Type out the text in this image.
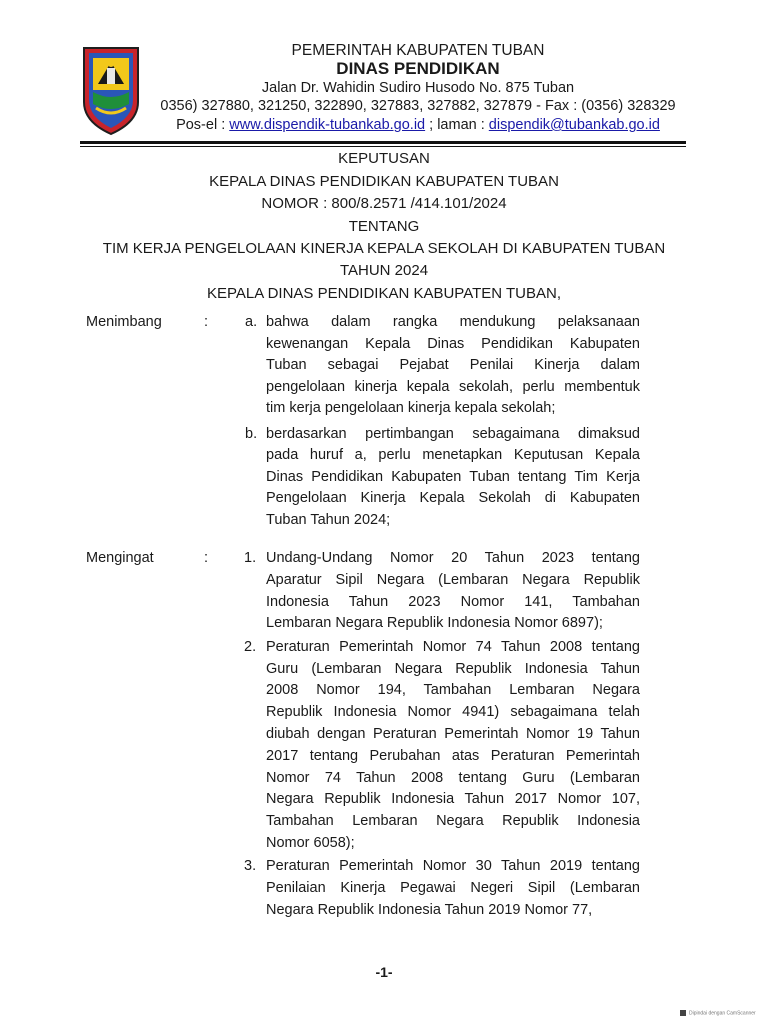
PEMERINTAH KABUPATEN TUBAN
DINAS PENDIDIKAN
Jalan Dr. Wahidin Sudiro Husodo No. 875 Tuban
0356) 327880, 321250, 322890, 327883, 327882, 327879 - Fax : (0356) 328329
Pos-el : www.dispendik-tubankab.go.id ; laman : dispendik@tubankab.go.id
KEPUTUSAN
KEPALA DINAS PENDIDIKAN KABUPATEN TUBAN
NOMOR : 800/8.2571 /414.101/2024
TENTANG
TIM KERJA PENGELOLAAN KINERJA KEPALA SEKOLAH DI KABUPATEN TUBAN
TAHUN 2024
KEPALA DINAS PENDIDIKAN KABUPATEN TUBAN,
Menimbang	:	a. bahwa dalam rangka mendukung pelaksanaan
kewenangan Kepala Dinas Pendidikan Kabupaten
Tuban sebagai Pejabat Penilai Kinerja dalam
pengelolaan kinerja kepala sekolah, perlu membentuk
tim kerja pengelolaan kinerja kepala sekolah;
b. berdasarkan pertimbangan sebagaimana dimaksud
pada huruf a, perlu menetapkan Keputusan Kepala
Dinas Pendidikan Kabupaten Tuban tentang Tim Kerja
Pengelolaan Kinerja Kepala Sekolah di Kabupaten
Tuban Tahun 2024;
Mengingat	: 1. Undang-Undang Nomor 20 Tahun 2023 tentang
Aparatur Sipil Negara (Lembaran Negara Republik
Indonesia Tahun 2023 Nomor 141, Tambahan
Lembaran Negara Republik Indonesia Nomor 6897);
2. Peraturan Pemerintah Nomor 74 Tahun 2008 tentang
Guru (Lembaran Negara Republik Indonesia Tahun
2008 Nomor 194, Tambahan Lembaran Negara
Republik Indonesia Nomor 4941) sebagaimana telah
diubah dengan Peraturan Pemerintah Nomor 19 Tahun
2017 tentang Perubahan atas Peraturan Pemerintah
Nomor 74 Tahun 2008 tentang Guru (Lembaran
Negara Republik Indonesia Tahun 2017 Nomor 107,
Tambahan Lembaran Negara Republik Indonesia
Nomor 6058);
3. Peraturan Pemerintah Nomor 30 Tahun 2019 tentang
Penilaian Kinerja Pegawai Negeri Sipil (Lembaran
Negara Republik Indonesia Tahun 2019 Nomor 77,
-1-
Dipindai dengan CamScanner
